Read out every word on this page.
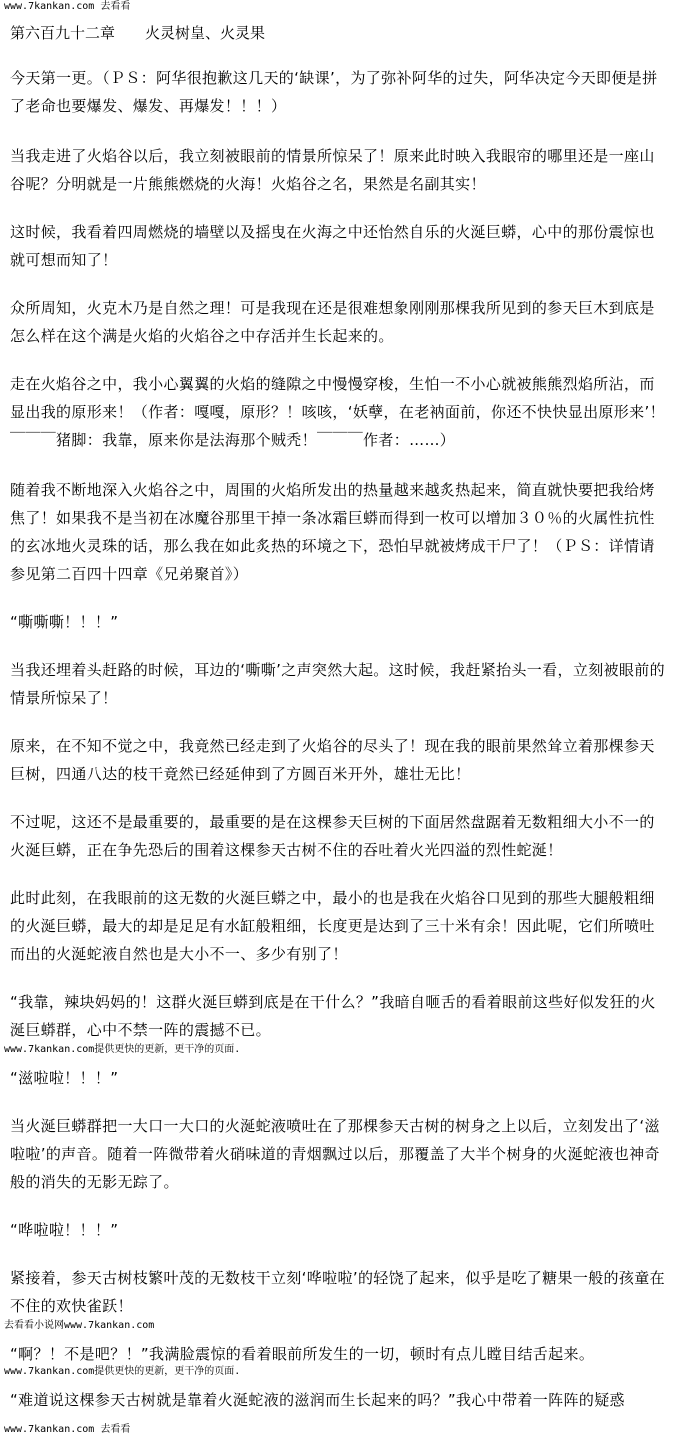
www.7kankan.com 去看看
第六百九十二章　　火灵树皇、火灵果

今天第一更。（ＰＳ：阿华很抱歉这几天的‘缺课’，为了弥补阿华的过失，阿华决定今天即便是拼了老命也要爆发、爆发、再爆发！！！）

当我走进了火焰谷以后，我立刻被眼前的情景所惊呆了！原来此时映入我眼帘的哪里还是一座山谷呢？分明就是一片熊熊燃烧的火海！火焰谷之名，果然是名副其实！

这时候，我看着四周燃烧的墙壁以及摇曳在火海之中还怡然自乐的火涎巨蟒，心中的那份震惊也就可想而知了！

众所周知，火克木乃是自然之理！可是我现在还是很难想象刚刚那棵我所见到的参天巨木到底是怎么样在这个满是火焰的火焰谷之中存活并生长起来的。

走在火焰谷之中，我小心翼翼的火焰的缝隙之中慢慢穿梭，生怕一不小心就被熊熊烈焰所沾，而显出我的原形来！（作者：嘎嘎，原形？！咳咳，‘妖孽，在老衲面前，你还不快快显出原形来’！￣￣￣猪脚：我靠，原来你是法海那个贼秃！￣￣￣作者：……）

随着我不断地深入火焰谷之中，周围的火焰所发出的热量越来越炙热起来，简直就快要把我给烤焦了！如果我不是当初在冰魔谷那里干掉一条冰霜巨蟒而得到一枚可以增加３０％的火属性抗性的玄冰地火灵珠的话，那么我在如此炙热的环境之下，恐怕早就被烤成干尸了！（ＰＳ：详情请参见第二百四十四章《兄弟聚首》）

“嘶嘶嘶！！！”

当我还埋着头赶路的时候，耳边的‘嘶嘶’之声突然大起。这时候，我赶紧抬头一看，立刻被眼前的情景所惊呆了！

原来，在不知不觉之中，我竟然已经走到了火焰谷的尽头了！现在我的眼前果然耸立着那棵参天巨树，四通八达的枝干竟然已经延伸到了方圆百米开外，雄壮无比！

不过呢，这还不是最重要的，最重要的是在这棵参天巨树的下面居然盘踞着无数粗细大小不一的火涎巨蟒，正在争先恐后的围着这棵参天古树不住的吞吐着火光四溢的烈性蛇涎！

此时此刻，在我眼前的这无数的火涎巨蟒之中，最小的也是我在火焰谷口见到的那些大腿般粗细的火涎巨蟒，最大的却是足足有水缸般粗细，长度更是达到了三十米有余！因此呢，它们所喷吐而出的火涎蛇液自然也是大小不一、多少有别了！

“我靠，辣块妈妈的！这群火涎巨蟒到底是在干什么？”我暗自咂舌的看着眼前这些好似发狂的火涎巨蟒群，心中不禁一阵的震撼不已。

www.7kankan.com提供更快的更新，更干净的页面.

“滋啦啦！！！”

当火涎巨蟒群把一大口一大口的火涎蛇液喷吐在了那棵参天古树的树身之上以后，立刻发出了‘滋啦啦’的声音。随着一阵微带着火硝味道的青烟飘过以后，那覆盖了大半个树身的火涎蛇液也神奇般的消失的无影无踪了。

“哗啦啦！！！”

紧接着，参天古树枝繁叶茂的无数枝干立刻‘哗啦啦’的轻饶了起来，似乎是吃了糖果一般的孩童在不住的欢快雀跃！

去看看小说网www.7kankan.com

“啊？！不是吧？！”我满脸震惊的看着眼前所发生的一切，顿时有点儿瞠目结舌起来。

www.7kankan.com提供更快的更新，更干净的页面.

“难道说这棵参天古树就是靠着火涎蛇液的滋润而生长起来的吗？”我心中带着一阵阵的疑惑

www.7kankan.com 去看看
